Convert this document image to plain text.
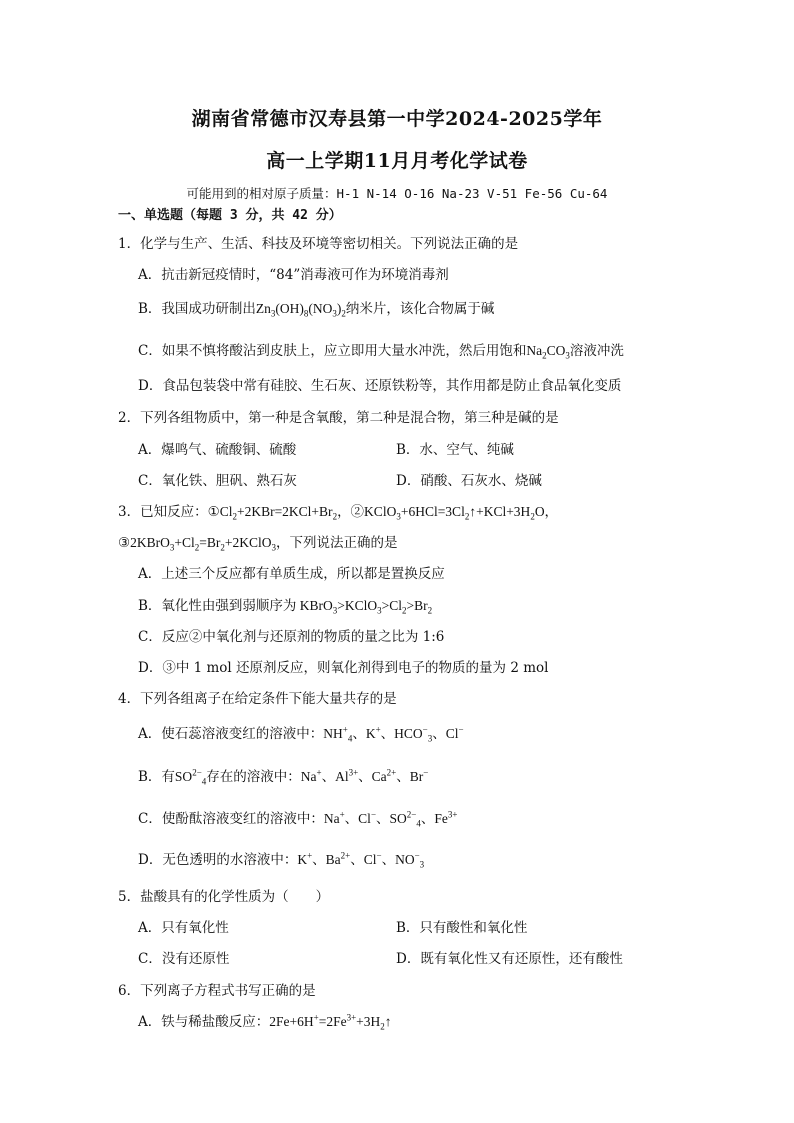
湖南省常德市汉寿县第一中学2024-2025学年
高一上学期11月月考化学试卷
可能用到的相对原子质量：H-1 N-14 O-16 Na-23 V-51 Fe-56 Cu-64
一、单选题（每题 3 分，共 42 分）
1．化学与生产、生活、科技及环境等密切相关。下列说法正确的是
A．抗击新冠疫情时，“84”消毒液可作为环境消毒剂
B．我国成功研制出$Zn_3(OH)_8(NO_3)_2$纳米片，该化合物属于碱
C．如果不慎将酸沾到皮肤上，应立即用大量水冲洗，然后用饱和$Na_2CO_3$溶液冲洗
D．食品包装袋中常有硅胶、生石灰、还原铁粉等，其作用都是防止食品氧化变质
2．下列各组物质中，第一种是含氧酸，第二种是混合物，第三种是碱的是
A．爆鸣气、硫酸铜、硫酸	B．水、空气、纯碱
C．氧化铁、胆矾、熟石灰	D．硝酸、石灰水、烧碱
3．已知反应：$①Cl_2+2KBr=2KCl+Br_2$，$②KClO_3+6HCl=3Cl_2↑+KCl+3H_2O$，
$③2KBrO_3+Cl_2=Br_2+2KClO_3$，下列说法正确的是
A．上述三个反应都有单质生成，所以都是置换反应
B．氧化性由强到弱顺序为 $KBrO_3>KClO_3>Cl_2>Br_2$
C．反应②中氧化剂与还原剂的物质的量之比为 1:6
D．③中 1 mol 还原剂反应，则氧化剂得到电子的物质的量为 2 mol
4．下列各组离子在给定条件下能大量共存的是
A．使石蕊溶液变红的溶液中：$NH^+_4$、K+、$HCO^-_3$、Cl−
B．有$SO^{2-}_4$存在的溶液中：Na+、$Al^{3+}$、$Ca^{2+}$、Br−
C．使酚酞溶液变红的溶液中：Na+、Cl−、$SO^{2-}_4$、$Fe^{3+}$
D．无色透明的水溶液中：K+、$Ba^{2+}$、Cl−、$NO^-_3$
5．盐酸具有的化学性质为（　　）
A．只有氧化性	B．只有酸性和氧化性
C．没有还原性	D．既有氧化性又有还原性，还有酸性
6．下列离子方程式书写正确的是
A．铁与稀盐酸反应：$2Fe+6H^+=2Fe^{3+}+3H_2↑$
